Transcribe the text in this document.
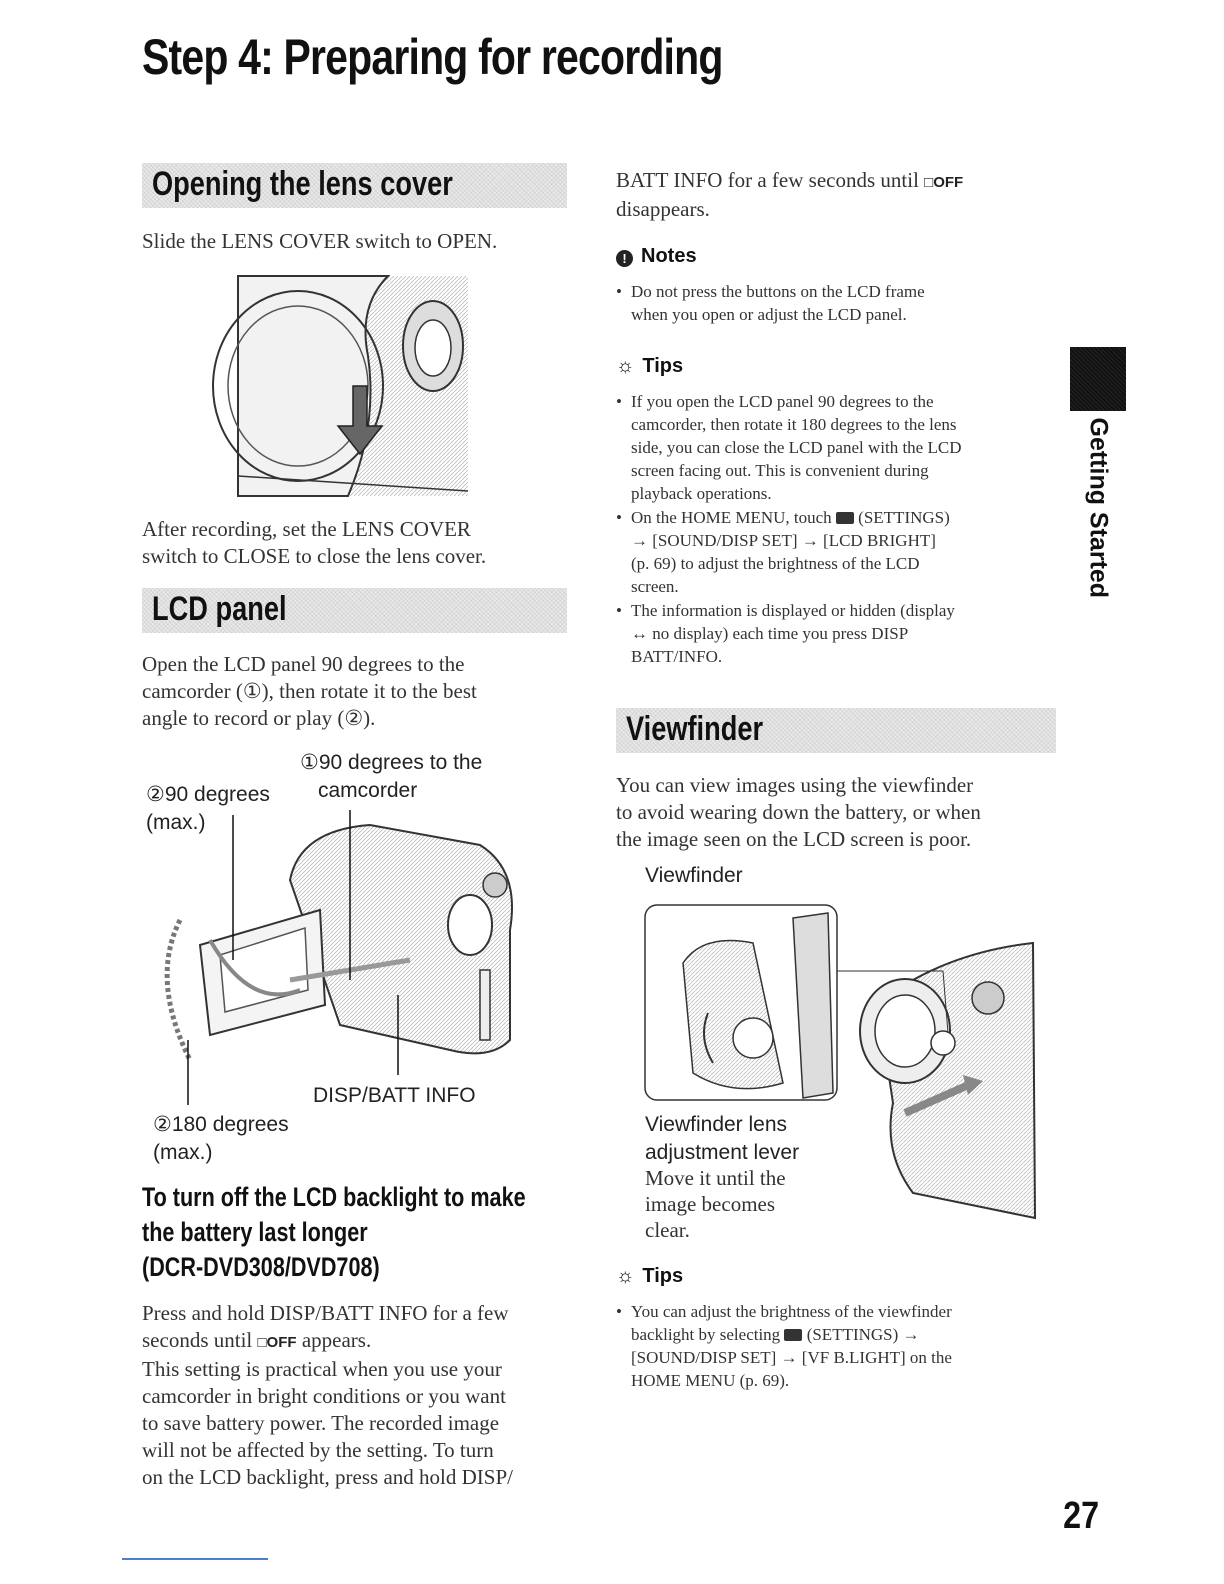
Step 4: Preparing for recording
Opening the lens cover
Slide the LENS COVER switch to OPEN.
After recording, set the LENS COVER
switch to CLOSE to close the lens cover.
LCD panel
Open the LCD panel 90 degrees to the
camcorder (①), then rotate it to the best
angle to record or play (②).
①90 degrees to the
camcorder
②90 degrees
(max.)
DISP/BATT INFO
②180 degrees
(max.)
To turn off the LCD backlight to make
the battery last longer
(DCR-DVD308/DVD708)
Press and hold DISP/BATT INFO for a few
seconds until □OFF appears.
This setting is practical when you use your
camcorder in bright conditions or you want
to save battery power. The recorded image
will not be affected by the setting. To turn
on the LCD backlight, press and hold DISP/
BATT INFO for a few seconds until □OFF
disappears.
! Notes
• Do not press the buttons on the LCD frame
when you open or adjust the LCD panel.
☼ Tips
• If you open the LCD panel 90 degrees to the
camcorder, then rotate it 180 degrees to the lens
side, you can close the LCD panel with the LCD
screen facing out. This is convenient during
playback operations.
• On the HOME MENU, touch  (SETTINGS)
→ [SOUND/DISP SET] → [LCD BRIGHT]
(p. 69) to adjust the brightness of the LCD
screen.
• The information is displayed or hidden (display
↔ no display) each time you press DISP
BATT/INFO.
Viewfinder
You can view images using the viewfinder
to avoid wearing down the battery, or when
the image seen on the LCD screen is poor.
Viewfinder
Viewfinder lens
adjustment lever
Move it until the
image becomes
clear.
☼ Tips
• You can adjust the brightness of the viewfinder
backlight by selecting  (SETTINGS) →
[SOUND/DISP SET] → [VF B.LIGHT] on the
HOME MENU (p. 69).
Getting Started
27
